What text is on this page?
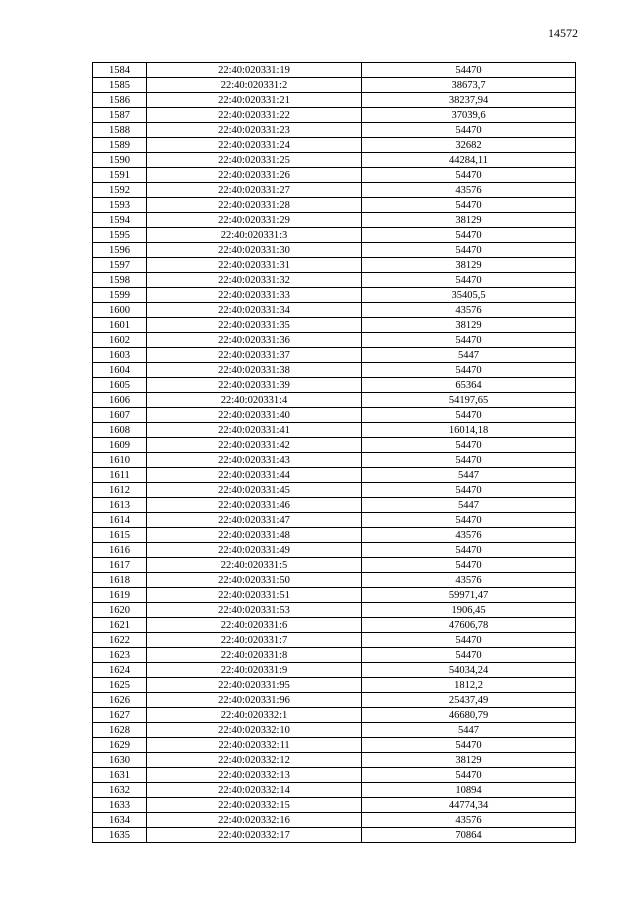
14572
1584	22:40:020331:19	54470
1585	22:40:020331:2	38673,7
1586	22:40:020331:21	38237,94
1587	22:40:020331:22	37039,6
1588	22:40:020331:23	54470
1589	22:40:020331:24	32682
1590	22:40:020331:25	44284,11
1591	22:40:020331:26	54470
1592	22:40:020331:27	43576
1593	22:40:020331:28	54470
1594	22:40:020331:29	38129
1595	22:40:020331:3	54470
1596	22:40:020331:30	54470
1597	22:40:020331:31	38129
1598	22:40:020331:32	54470
1599	22:40:020331:33	35405,5
1600	22:40:020331:34	43576
1601	22:40:020331:35	38129
1602	22:40:020331:36	54470
1603	22:40:020331:37	5447
1604	22:40:020331:38	54470
1605	22:40:020331:39	65364
1606	22:40:020331:4	54197,65
1607	22:40:020331:40	54470
1608	22:40:020331:41	16014,18
1609	22:40:020331:42	54470
1610	22:40:020331:43	54470
1611	22:40:020331:44	5447
1612	22:40:020331:45	54470
1613	22:40:020331:46	5447
1614	22:40:020331:47	54470
1615	22:40:020331:48	43576
1616	22:40:020331:49	54470
1617	22:40:020331:5	54470
1618	22:40:020331:50	43576
1619	22:40:020331:51	59971,47
1620	22:40:020331:53	1906,45
1621	22:40:020331:6	47606,78
1622	22:40:020331:7	54470
1623	22:40:020331:8	54470
1624	22:40:020331:9	54034,24
1625	22:40:020331:95	1812,2
1626	22:40:020331:96	25437,49
1627	22:40:020332:1	46680,79
1628	22:40:020332:10	5447
1629	22:40:020332:11	54470
1630	22:40:020332:12	38129
1631	22:40:020332:13	54470
1632	22:40:020332:14	10894
1633	22:40:020332:15	44774,34
1634	22:40:020332:16	43576
1635	22:40:020332:17	70864
